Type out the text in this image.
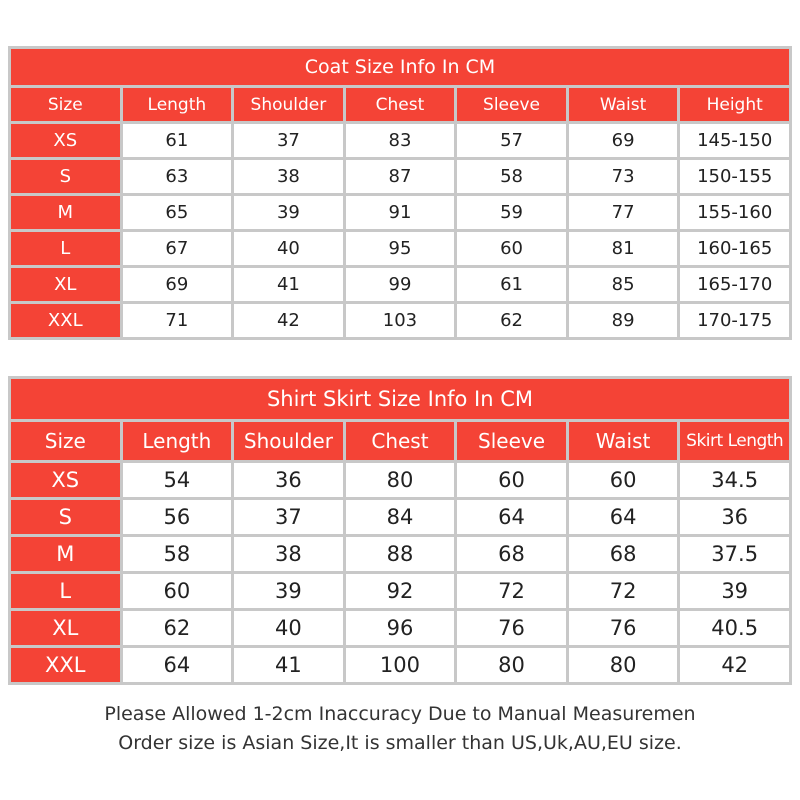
Coat Size Info In CM						
Size	Length	Shoulder	Chest	Sleeve	Waist	Height
XS	61	37	83	57	69	145-150
S	63	38	87	58	73	150-155
M	65	39	91	59	77	155-160
L	67	40	95	60	81	160-165
XL	69	41	99	61	85	165-170
XXL	71	42	103	62	89	170-175
Shirt Skirt Size Info In CM						
Size	Length	Shoulder	Chest	Sleeve	Waist	Skirt Length
XS	54	36	80	60	60	34.5
S	56	37	84	64	64	36
M	58	38	88	68	68	37.5
L	60	39	92	72	72	39
XL	62	40	96	76	76	40.5
XXL	64	41	100	80	80	42
Please Allowed 1-2cm Inaccuracy Due to Manual Measuremen
Order size is Asian Size,It is smaller than US,Uk,AU,EU size.
